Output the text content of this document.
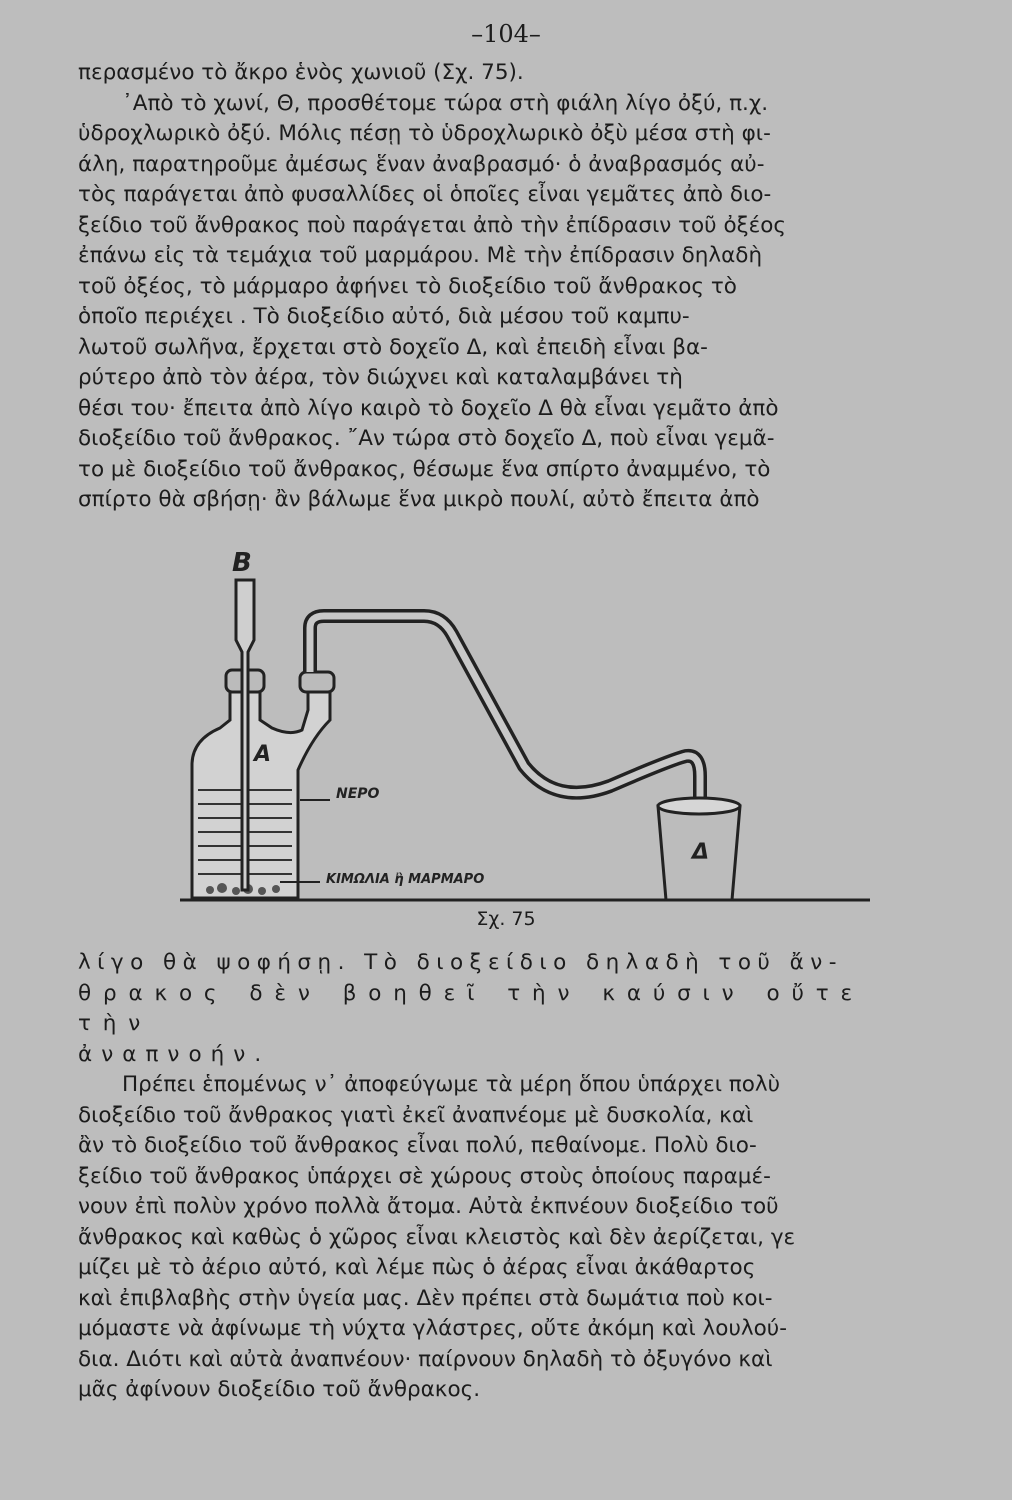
–104–

περασμένο τὸ ἄκρο ἑνὸς χωνιοῦ (Σχ. 75).

᾽Απὸ τὸ χωνί, Θ, προσθέτομε τώρα στὴ φιάλη λίγο ὀξύ, π.χ.

ὑδροχλωρικὸ ὀξύ. Μόλις πέσῃ τὸ ὑδροχλωρικὸ ὀξὺ μέσα στὴ φι-

άλη, παρατηροῦμε ἀμέσως ἕναν ἀναβρασμό· ὁ ἀναβρασμός αὐ-

τὸς παράγεται ἀπὸ φυσαλλίδες οἱ ὁποῖες εἶναι γεμᾶτες ἀπὸ διο-

ξείδιο τοῦ ἄνθρακος ποὺ παράγεται ἀπὸ τὴν ἐπίδρασιν τοῦ ὀξέος

ἐπάνω εἰς τὰ τεμάχια τοῦ μαρμάρου. Μὲ τὴν ἐπίδρασιν δηλαδὴ

τοῦ ὀξέος, τὸ μάρμαρο ἀφήνει τὸ διοξείδιο τοῦ ἄνθρακος τὸ

ὁποῖο περιέχει . Τὸ διοξείδιο αὐτό, διὰ μέσου τοῦ καμπυ-

λωτοῦ σωλῆνα, ἔρχεται στὸ δοχεῖο Δ, καὶ ἐπειδὴ εἶναι βα-

ρύτερο ἀπὸ τὸν ἀέρα, τὸν διώχνει καὶ καταλαμβάνει τὴ

θέσι του· ἔπειτα ἀπὸ λίγο καιρὸ τὸ δοχεῖο Δ θὰ εἶναι γεμᾶτο ἀπὸ

διοξείδιο τοῦ ἄνθρακος. ῎Αν τώρα στὸ δοχεῖο Δ, ποὺ εἶναι γεμᾶ-

το μὲ διοξείδιο τοῦ ἄνθρακος, θέσωμε ἕνα σπίρτο ἀναμμένο, τὸ

σπίρτο θὰ σβήσῃ· ἂν βάλωμε ἕνα μικρὸ πουλί, αὐτὸ ἔπειτα ἀπὸ

B
A
ΝΕΡΟ
ΚΙΜΩΛΙΑ ἢ ΜΑΡΜΑΡΟ
Δ
Σχ. 75

λίγο θὰ ψοφήσῃ. Τὸ διοξείδιο δηλαδὴ τοῦ ἄν-

θρακος δὲν βοηθεῖ τὴν καύσιν οὔτε τὴν

ἀναπνοήν.

Πρέπει ἑπομένως ν᾽ ἀποφεύγωμε τὰ μέρη ὅπου ὑπάρχει πολὺ

διοξείδιο τοῦ ἄνθρακος γιατὶ ἐκεῖ ἀναπνέομε μὲ δυσκολία, καὶ

ἂν τὸ διοξείδιο τοῦ ἄνθρακος εἶναι πολύ, πεθαίνομε. Πολὺ διο-

ξείδιο τοῦ ἄνθρακος ὑπάρχει σὲ χώρους στοὺς ὁποίους παραμέ-

νουν ἐπὶ πολὺν χρόνο πολλὰ ἄτομα. Αὐτὰ ἐκπνέουν διοξείδιο τοῦ

ἄνθρακος καὶ καθὼς ὁ χῶρος εἶναι κλειστὸς καὶ δὲν ἀερίζεται, γε

μίζει μὲ τὸ ἀέριο αὐτό, καὶ λέμε πὼς ὁ ἀέρας εἶναι ἀκάθαρτος

καὶ ἐπιβλαβὴς στὴν ὑγεία μας. Δὲν πρέπει στὰ δωμάτια ποὺ κοι-

μόμαστε νὰ ἀφίνωμε τὴ νύχτα γλάστρες, οὔτε ἀκόμη καὶ λουλού-

δια. Διότι καὶ αὐτὰ ἀναπνέουν· παίρνουν δηλαδὴ τὸ ὀξυγόνο καὶ

μᾶς ἀφίνουν διοξείδιο τοῦ ἄνθρακος.
